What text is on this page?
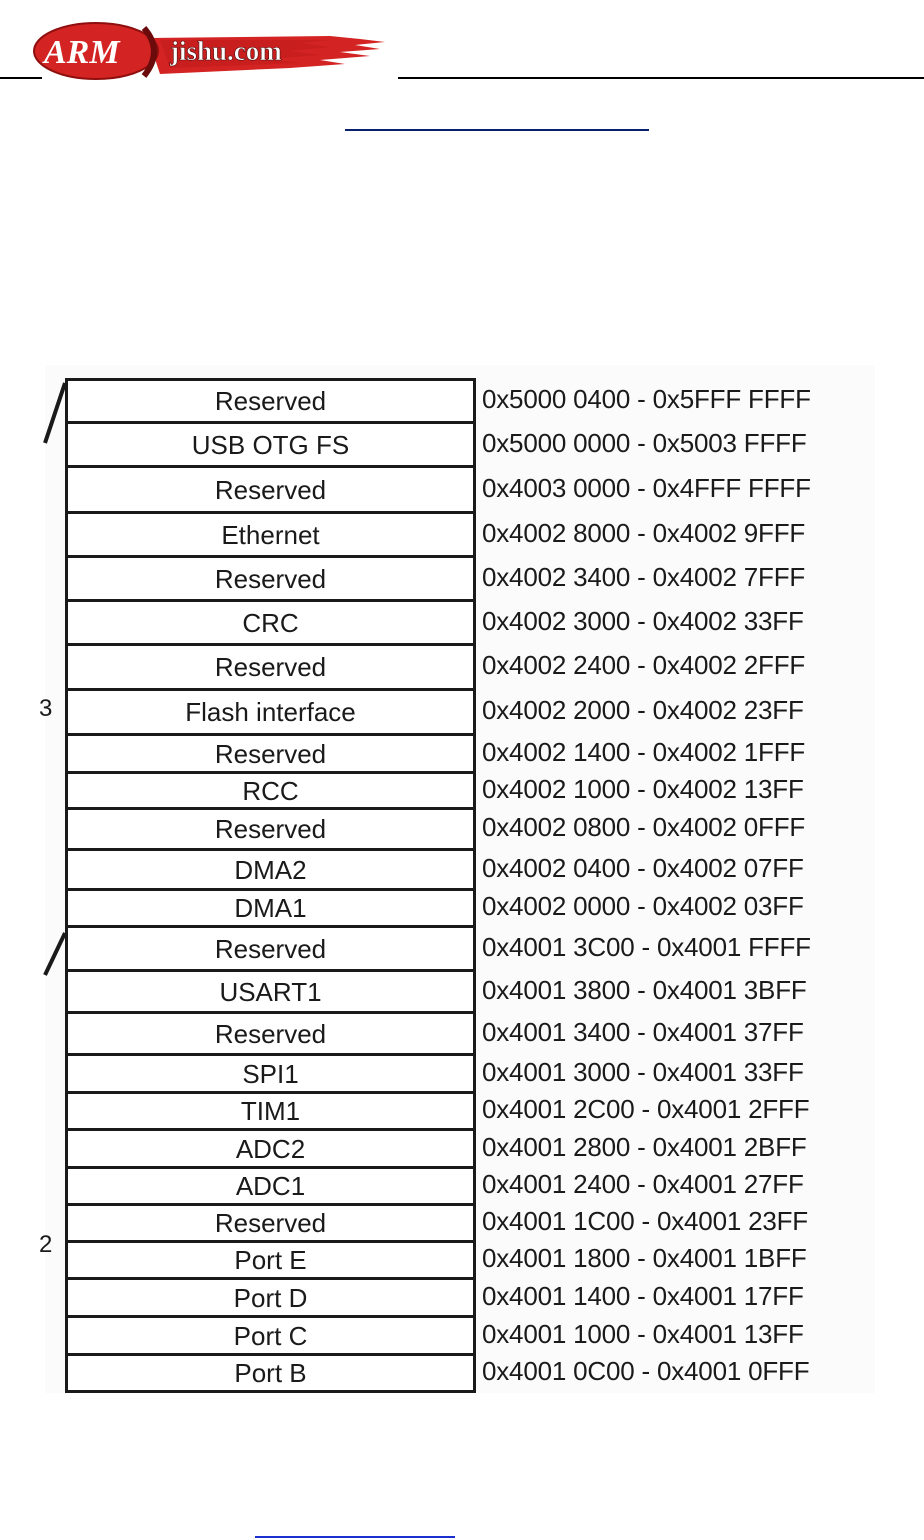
ARM jishu.com
3
2
Reserved
USB OTG FS
Reserved
Ethernet
Reserved
CRC
Reserved
Flash interface
Reserved
RCC
Reserved
DMA2
DMA1
Reserved
USART1
Reserved
SPI1
TIM1
ADC2
ADC1
Reserved
Port E
Port D
Port C
Port B
0x5000 0400 - 0x5FFF FFFF
0x5000 0000 - 0x5003 FFFF
0x4003 0000 - 0x4FFF FFFF
0x4002 8000 - 0x4002 9FFF
0x4002 3400 - 0x4002 7FFF
0x4002 3000 - 0x4002 33FF
0x4002 2400 - 0x4002 2FFF
0x4002 2000 - 0x4002 23FF
0x4002 1400 - 0x4002 1FFF
0x4002 1000 - 0x4002 13FF
0x4002 0800 - 0x4002 0FFF
0x4002 0400 - 0x4002 07FF
0x4002 0000 - 0x4002 03FF
0x4001 3C00 - 0x4001 FFFF
0x4001 3800 - 0x4001 3BFF
0x4001 3400 - 0x4001 37FF
0x4001 3000 - 0x4001 33FF
0x4001 2C00 - 0x4001 2FFF
0x4001 2800 - 0x4001 2BFF
0x4001 2400 - 0x4001 27FF
0x4001 1C00 - 0x4001 23FF
0x4001 1800 - 0x4001 1BFF
0x4001 1400 - 0x4001 17FF
0x4001 1000 - 0x4001 13FF
0x4001 0C00 - 0x4001 0FFF
